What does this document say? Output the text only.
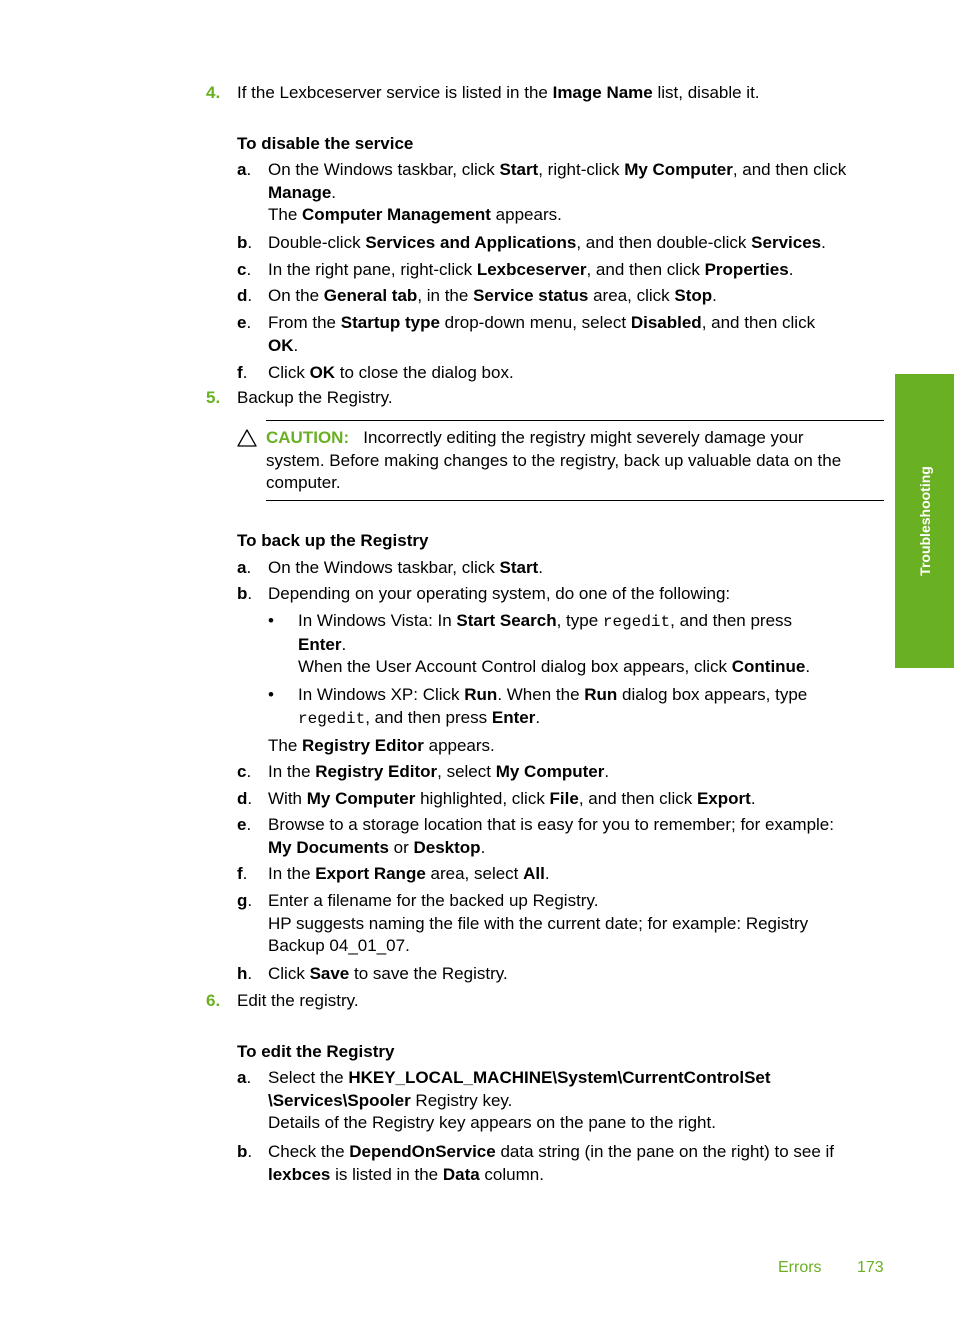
4. If the Lexbceserver service is listed in the Image Name list, disable it.
To disable the service
a. On the Windows taskbar, click Start, right-click My Computer, and then click
Manage.
The Computer Management appears.
b. Double-click Services and Applications, and then double-click Services.
c. In the right pane, right-click Lexbceserver, and then click Properties.
d. On the General tab, in the Service status area, click Stop.
e. From the Startup type drop-down menu, select Disabled, and then click
OK.
f. Click OK to close the dialog box.
5. Backup the Registry.
CAUTION: Incorrectly editing the registry might severely damage your
system. Before making changes to the registry, back up valuable data on the
computer.
To back up the Registry
a. On the Windows taskbar, click Start.
b. Depending on your operating system, do one of the following:
• In Windows Vista: In Start Search, type regedit, and then press
Enter.
When the User Account Control dialog box appears, click Continue.
• In Windows XP: Click Run. When the Run dialog box appears, type
regedit, and then press Enter.
The Registry Editor appears.
c. In the Registry Editor, select My Computer.
d. With My Computer highlighted, click File, and then click Export.
e. Browse to a storage location that is easy for you to remember; for example:
My Documents or Desktop.
f. In the Export Range area, select All.
g. Enter a filename for the backed up Registry.
HP suggests naming the file with the current date; for example: Registry
Backup 04_01_07.
h. Click Save to save the Registry.
6. Edit the registry.
To edit the Registry
a. Select the HKEY_LOCAL_MACHINE\System\CurrentControlSet
\Services\Spooler Registry key.
Details of the Registry key appears on the pane to the right.
b. Check the DependOnService data string (in the pane on the right) to see if
lexbces is listed in the Data column.
Troubleshooting
Errors 173
